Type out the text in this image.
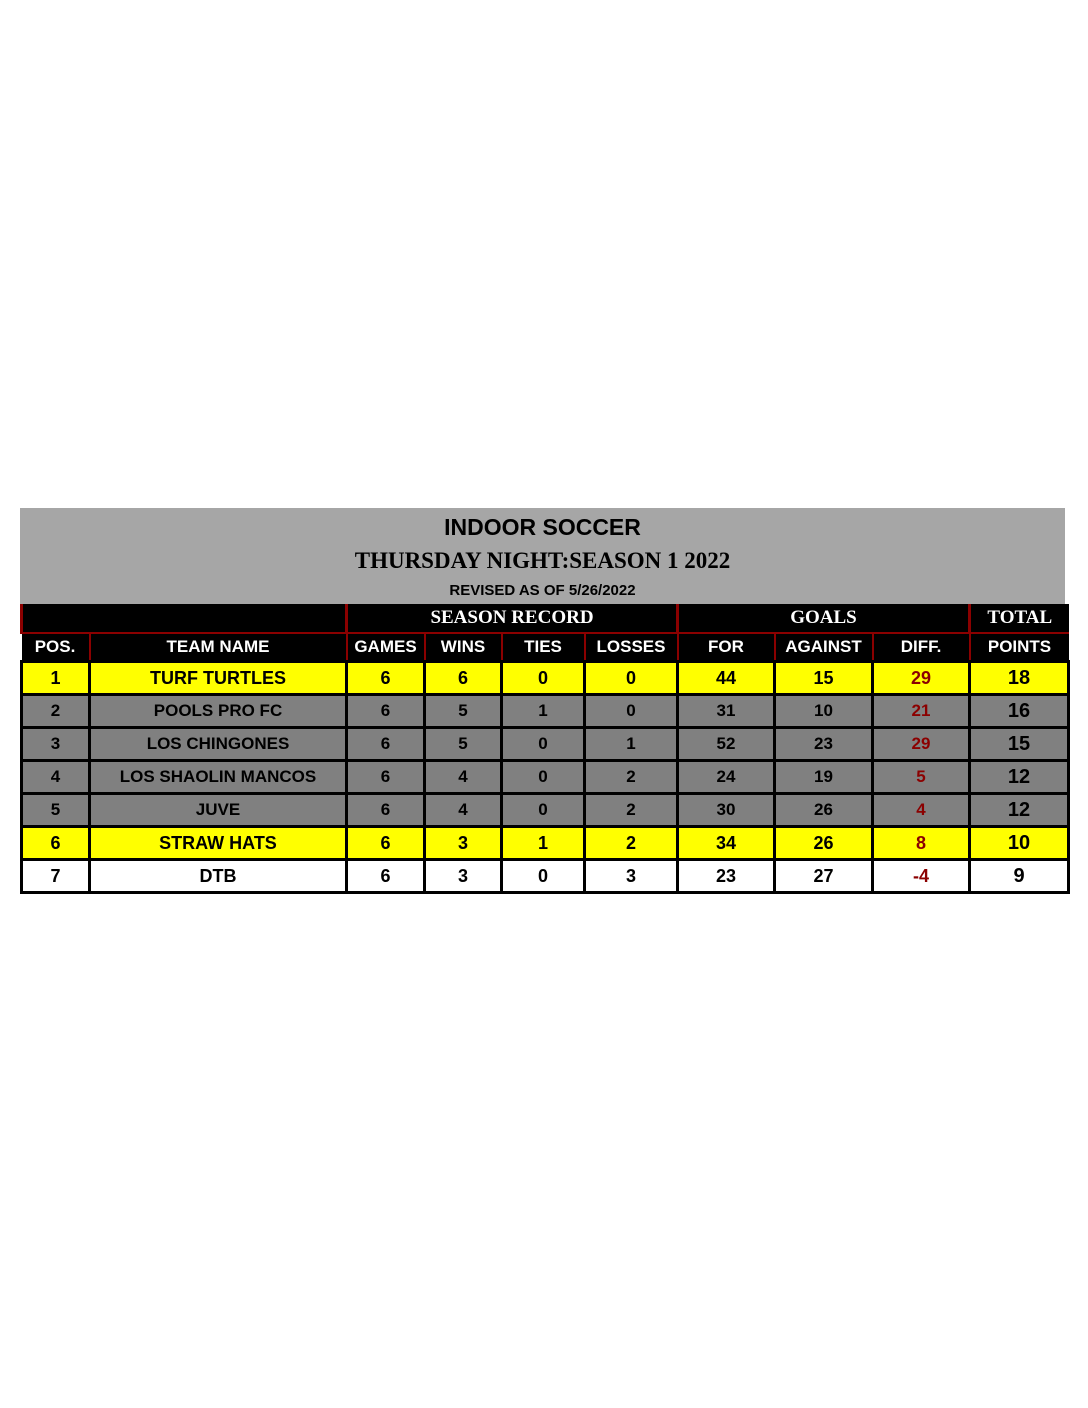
INDOOR SOCCER
THURSDAY NIGHT:SEASON 1 2022
REVISED AS OF 5/26/2022
		SEASON RECORD				GOALS			TOTAL
POS.	TEAM NAME	GAMES	WINS	TIES	LOSSES	FOR	AGAINST	DIFF.	POINTS
1	TURF TURTLES	6	6	0	0	44	15	29	18
2	POOLS PRO FC	6	5	1	0	31	10	21	16
3	LOS CHINGONES	6	5	0	1	52	23	29	15
4	LOS SHAOLIN MANCOS	6	4	0	2	24	19	5	12
5	JUVE	6	4	0	2	30	26	4	12
6	STRAW HATS	6	3	1	2	34	26	8	10
7	DTB	6	3	0	3	23	27	-4	9
